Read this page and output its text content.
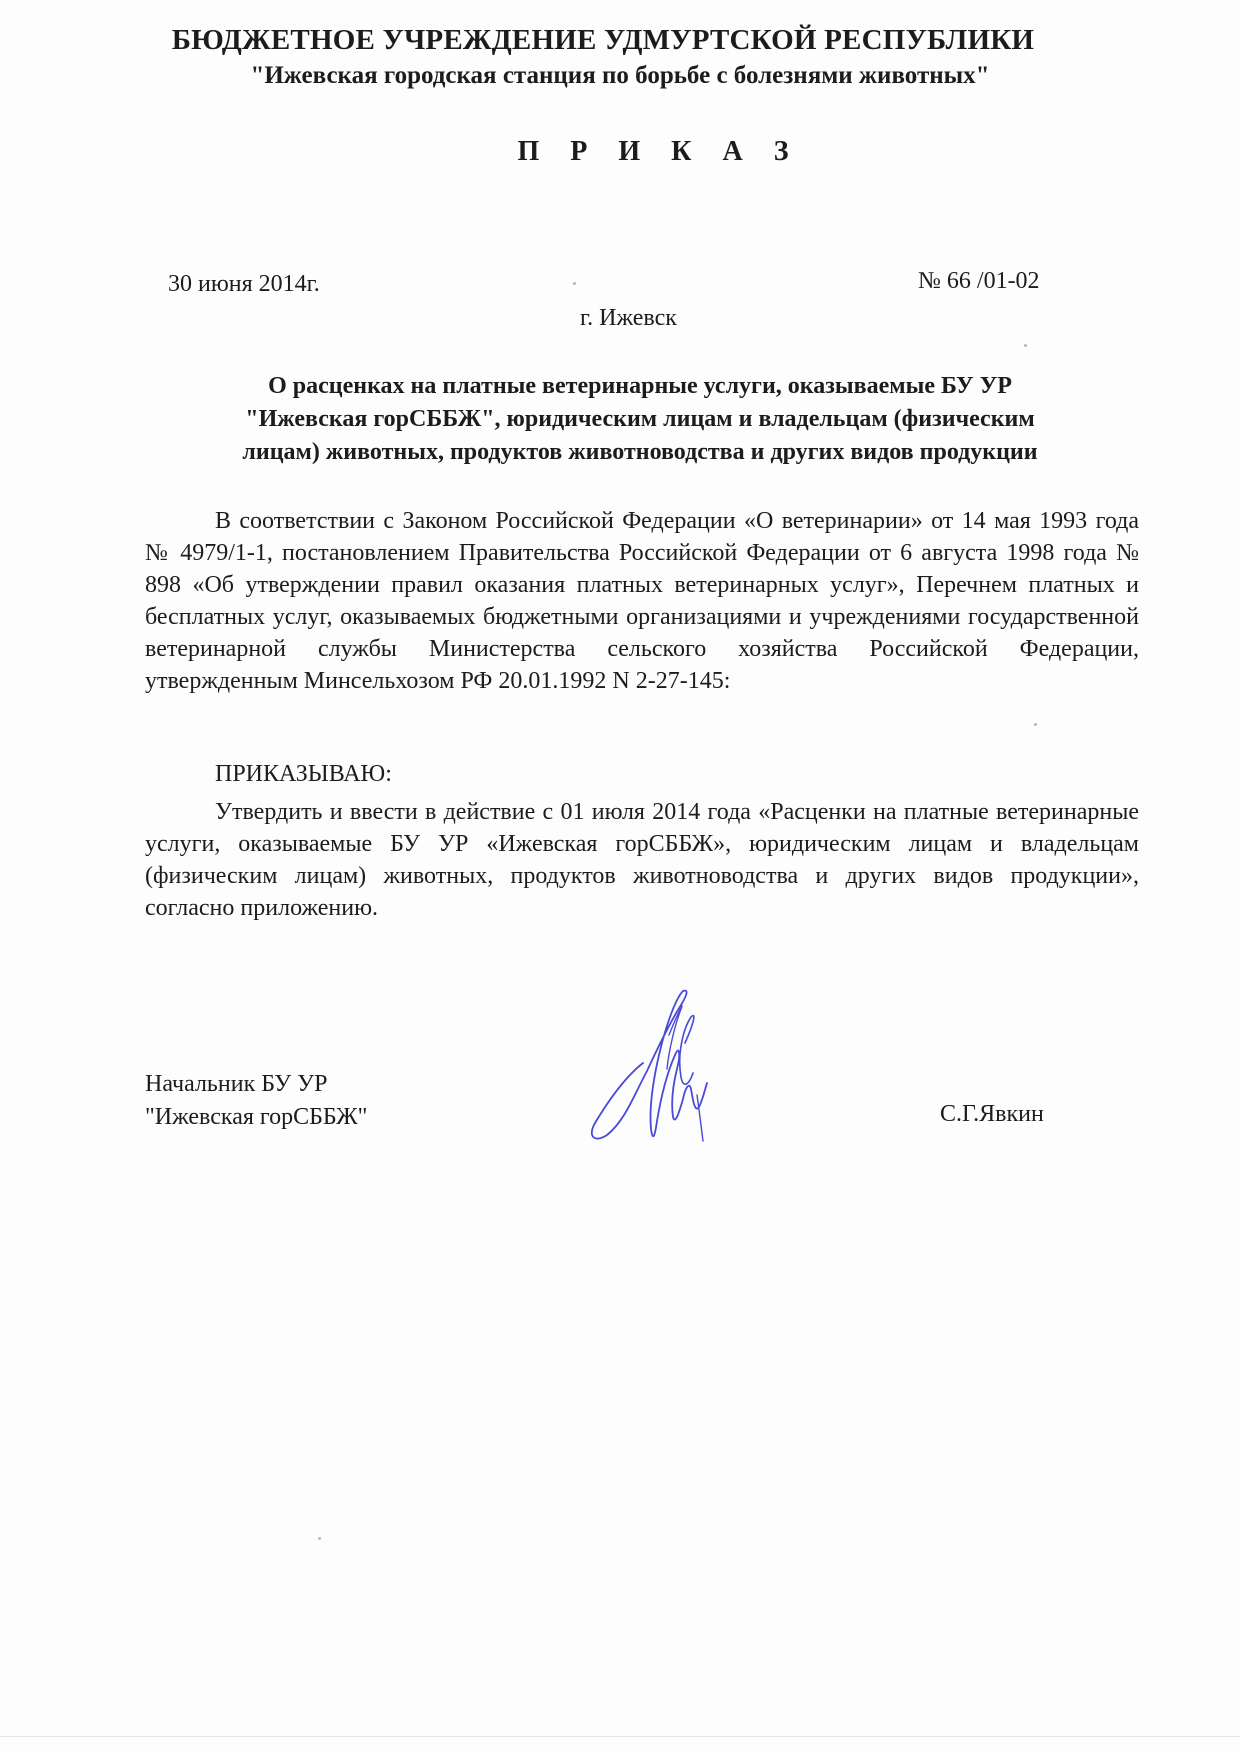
БЮДЖЕТНОЕ УЧРЕЖДЕНИЕ УДМУРТСКОЙ РЕСПУБЛИКИ
"Ижевская городская станция по борьбе с болезнями животных"
П Р И К А З
30 июня 2014г.	№ 66 /01-02
г. Ижевск
О расценках на платные ветеринарные услуги, оказываемые БУ УР
"Ижевская горСББЖ", юридическим лицам и владельцам (физическим
лицам) животных, продуктов животноводства и других видов продукции

В соответствии с Законом Российской Федерации «О ветеринарии» от 14 мая 1993 года № 4979/1-1, постановлением Правительства Российской Федерации от 6 августа 1998 года № 898 «Об утверждении правил оказания платных ветеринарных услуг», Перечнем платных и бесплатных услуг, оказываемых бюджетными организациями и учреждениями государственной ветеринарной службы Министерства сельского хозяйства Российской Федерации, утвержденным Минсельхозом РФ 20.01.1992 N 2-27-145:

ПРИКАЗЫВАЮ:

Утвердить и ввести в действие с 01 июля 2014 года «Расценки на платные ветеринарные услуги, оказываемые БУ УР «Ижевская горСББЖ», юридическим лицам и владельцам (физическим лицам) животных, продуктов животноводства и других видов продукции», согласно приложению.

Начальник БУ УР
"Ижевская горСББЖ"	С.Г.Явкин
